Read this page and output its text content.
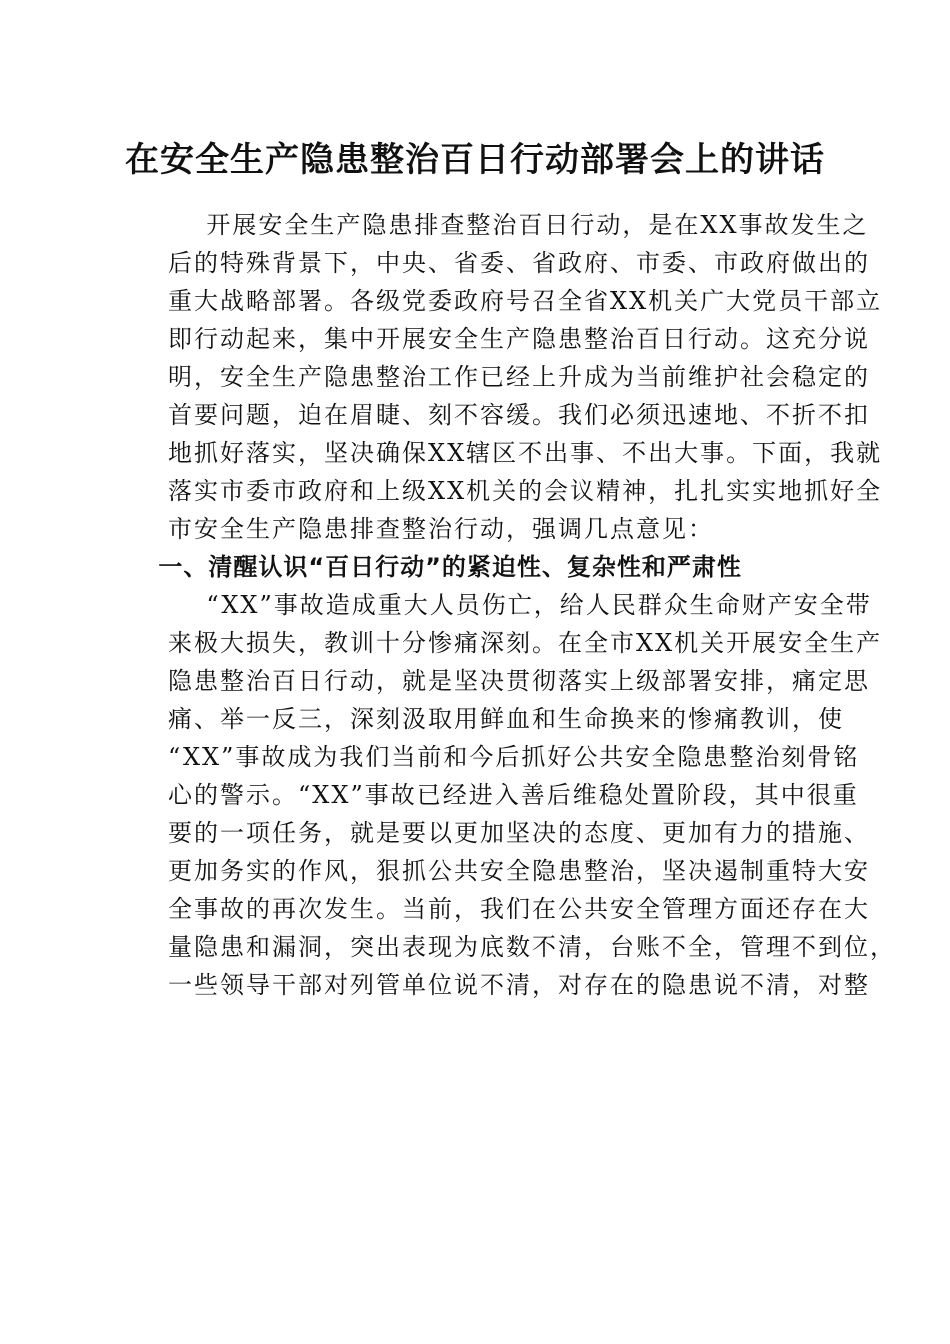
在安全生产隐患整治百日行动部署会上的讲话
开展安全生产隐患排查整治百日行动，是在XX事故发生之
后的特殊背景下，中央、省委、省政府、市委、市政府做出的
重大战略部署。各级党委政府号召全省XX机关广大党员干部立
即行动起来，集中开展安全生产隐患整治百日行动。这充分说
明，安全生产隐患整治工作已经上升成为当前维护社会稳定的
首要问题，迫在眉睫、刻不容缓。我们必须迅速地、不折不扣
地抓好落实，坚决确保XX辖区不出事、不出大事。下面，我就
落实市委市政府和上级XX机关的会议精神，扎扎实实地抓好全
市安全生产隐患排查整治行动，强调几点意见：
一、清醒认识“百日行动”的紧迫性、复杂性和严肃性
“XX”事故造成重大人员伤亡，给人民群众生命财产安全带
来极大损失，教训十分惨痛深刻。在全市XX机关开展安全生产
隐患整治百日行动，就是坚决贯彻落实上级部署安排，痛定思
痛、举一反三，深刻汲取用鲜血和生命换来的惨痛教训，使
“XX”事故成为我们当前和今后抓好公共安全隐患整治刻骨铭
心的警示。“XX”事故已经进入善后维稳处置阶段，其中很重
要的一项任务，就是要以更加坚决的态度、更加有力的措施、
更加务实的作风，狠抓公共安全隐患整治，坚决遏制重特大安
全事故的再次发生。当前，我们在公共安全管理方面还存在大
量隐患和漏洞，突出表现为底数不清，台账不全，管理不到位，
一些领导干部对列管单位说不清，对存在的隐患说不清，对整
